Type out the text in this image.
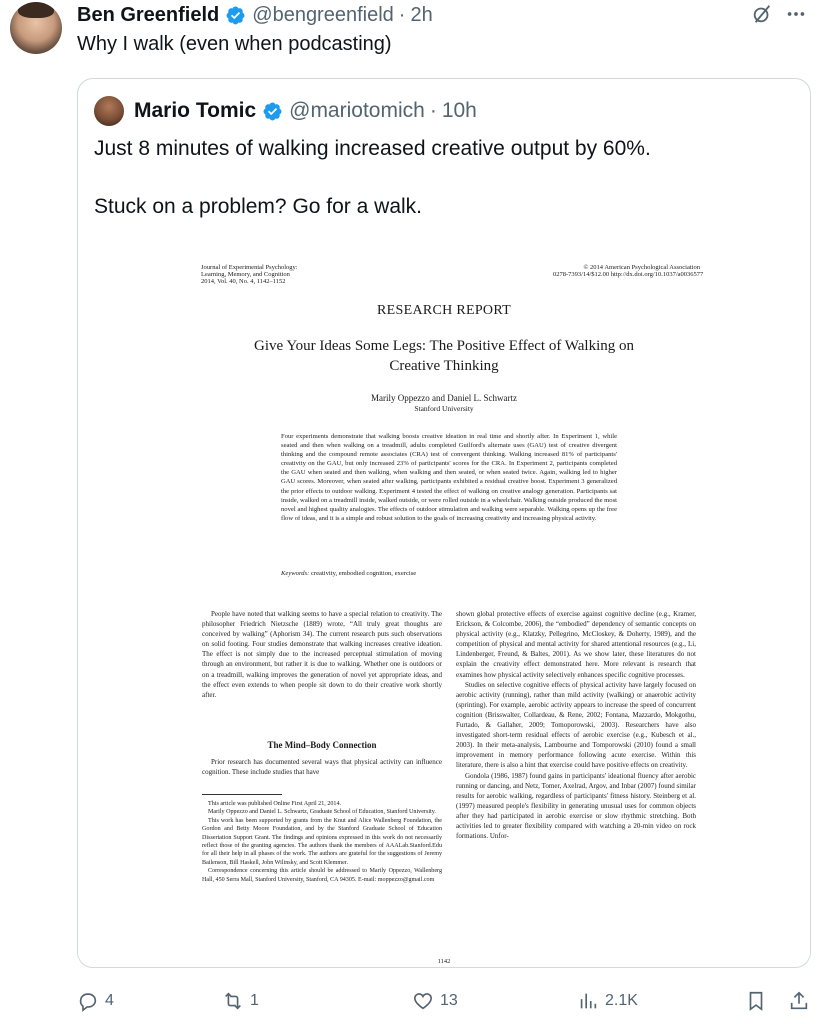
Ben Greenfield @bengreenfield · 2h
Why I walk (even when podcasting)
Mario Tomic @mariotomich · 10h
Just 8 minutes of walking increased creative output by 60%.
Stuck on a problem? Go for a walk.
Journal of Experimental Psychology:
Learning, Memory, and Cognition
2014, Vol. 40, No. 4, 1142–1152
© 2014 American Psychological Association
0278-7393/14/$12.00 http://dx.doi.org/10.1037/a0036577
RESEARCH REPORT
Give Your Ideas Some Legs: The Positive Effect of Walking on Creative Thinking
Marily Oppezzo and Daniel L. Schwartz
Stanford University
Four experiments demonstrate that walking boosts creative ideation in real time and shortly after. In Experiment 1, while seated and then when walking on a treadmill, adults completed Guilford's alternate uses (GAU) test of creative divergent thinking and the compound remote associates (CRA) test of convergent thinking. Walking increased 81% of participants' creativity on the GAU, but only increased 23% of participants' scores for the CRA. In Experiment 2, participants completed the GAU when seated and then walking, when walking and then seated, or when seated twice. Again, walking led to higher GAU scores. Moreover, when seated after walking, participants exhibited a residual creative boost. Experiment 3 generalized the prior effects to outdoor walking. Experiment 4 tested the effect of walking on creative analogy generation. Participants sat inside, walked on a treadmill inside, walked outside, or were rolled outside in a wheelchair. Walking outside produced the most novel and highest quality analogies. The effects of outdoor stimulation and walking were separable. Walking opens up the free flow of ideas, and it is a simple and robust solution to the goals of increasing creativity and increasing physical activity.
Keywords: creativity, embodied cognition, exercise

People have noted that walking seems to have a special relation to creativity. The philosopher Friedrich Nietzsche (1889) wrote, “All truly great thoughts are conceived by walking” (Aphorism 34). The current research puts such observations on solid footing. Four studies demonstrate that walking increases creative ideation. The effect is not simply due to the increased perceptual stimulation of moving through an environment, but rather it is due to walking. Whether one is outdoors or on a treadmill, walking improves the generation of novel yet appropriate ideas, and the effect even extends to when people sit down to do their creative work shortly after.

The Mind–Body Connection
Prior research has documented several ways that physical activity can influence cognition. These include studies that have

This article was published Online First April 21, 2014.

Marily Oppezzo and Daniel L. Schwartz, Graduate School of Education, Stanford University.

This work has been supported by grants from the Knut and Alice Wallenberg Foundation, the Gordon and Betty Moore Foundation, and by the Stanford Graduate School of Education Dissertation Support Grant. The findings and opinions expressed in this work do not necessarily reflect those of the granting agencies. The authors thank the members of AAALab.Stanford.Edu for all their help in all phases of the work. The authors are grateful for the suggestions of Jeremy Bailenson, Bill Haskell, John Wilinsky, and Scott Klemmer.

Correspondence concerning this article should be addressed to Marily Oppezzo, Wallenberg Hall, 450 Serra Mall, Stanford University, Stanford, CA 94305. E-mail: moppezzo@gmail.com

shown global protective effects of exercise against cognitive decline (e.g., Kramer, Erickson, & Colcombe, 2006), the “embodied” dependency of semantic concepts on physical activity (e.g., Klatzky, Pellegrino, McCloskey, & Doherty, 1989), and the competition of physical and mental activity for shared attentional resources (e.g., Li, Lindenberger, Freund, & Baltes, 2001). As we show later, these literatures do not explain the creativity effect demonstrated here. More relevant is research that examines how physical activity selectively enhances specific cognitive processes.

Studies on selective cognitive effects of physical activity have largely focused on aerobic activity (running), rather than mild activity (walking) or anaerobic activity (sprinting). For example, aerobic activity appears to increase the speed of concurrent cognition (Brisswalter, Collardeau, & Rene, 2002; Fontana, Mazzardo, Mokgothu, Furtado, & Gallaher, 2009; Tomoporowski, 2003). Researchers have also investigated short-term residual effects of aerobic exercise (e.g., Kubesch et al., 2003). In their meta-analysis, Lambourne and Tomporowski (2010) found a small improvement in memory performance following acute exercise. Within this literature, there is also a hint that exercise could have positive effects on creativity.

Gondola (1986, 1987) found gains in participants' ideational fluency after aerobic running or dancing, and Netz, Tomer, Axelrad, Argov, and Inbar (2007) found similar results for aerobic walking, regardless of participants' fitness history. Steinberg et al. (1997) measured people's flexibility in generating unusual uses for common objects after they had participated in aerobic exercise or slow rhythmic stretching. Both activities led to greater flexibility compared with watching a 20-min video on rock formations. Unfor-

1142
4	1	13	2.1K
